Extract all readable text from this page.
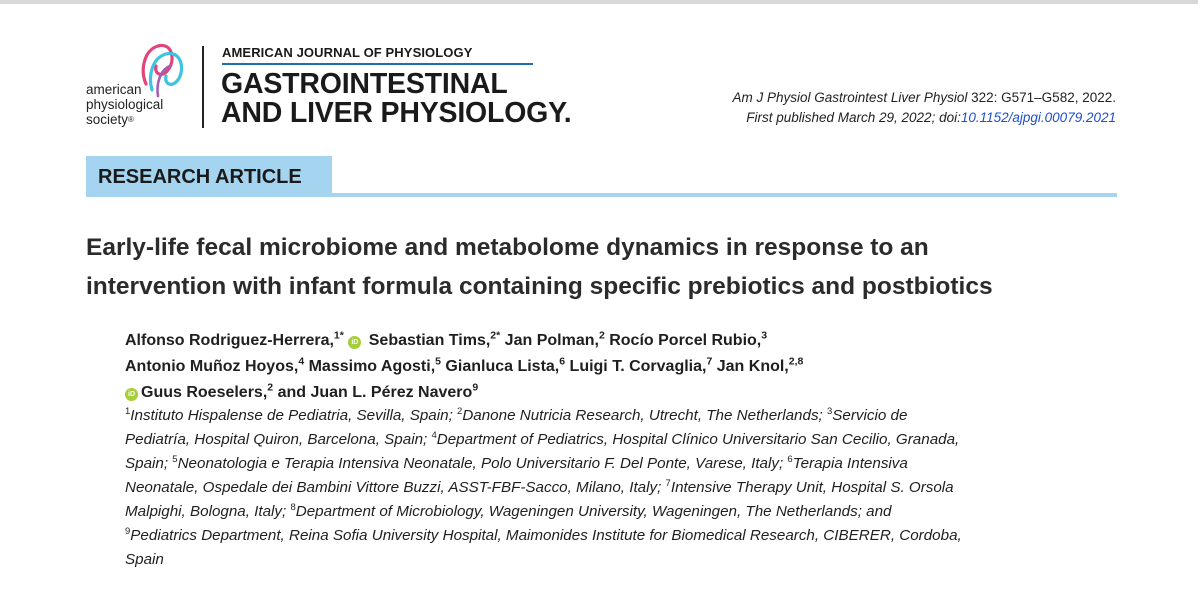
american
physiological
society®
AMERICAN JOURNAL OF PHYSIOLOGY
GASTROINTESTINAL
AND LIVER PHYSIOLOGY.	Am J Physiol Gastrointest Liver Physiol 322: G571–G582, 2022.
First published March 29, 2022; doi:10.1152/ajpgi.00079.2021
RESEARCH ARTICLE
Early-life fecal microbiome and metabolome dynamics in response to an
intervention with infant formula containing specific prebiotics and postbiotics
Alfonso Rodriguez-Herrera,$^{1*}$ iD Sebastian Tims,$^{2*}$ Jan Polman,$^2$ Rocío Porcel Rubio,$^3$
Antonio Muñoz Hoyos,$^4$ Massimo Agosti,$^5$ Gianluca Lista,$^6$ Luigi T. Corvaglia,$^7$ Jan Knol,$^{2,8}$
iD Guus Roeselers,$^2$ and Juan L. Pérez Navero$^9$
$^1$Instituto Hispalense de Pediatria, Sevilla, Spain; $^2$Danone Nutricia Research, Utrecht, The Netherlands; $^3$Servicio de
Pediatría, Hospital Quiron, Barcelona, Spain; $^4$Department of Pediatrics, Hospital Clínico Universitario San Cecilio, Granada,
Spain; $^5$Neonatologia e Terapia Intensiva Neonatale, Polo Universitario F. Del Ponte, Varese, Italy; $^6$Terapia Intensiva
Neonatale, Ospedale dei Bambini Vittore Buzzi, ASST-FBF-Sacco, Milano, Italy; $^7$Intensive Therapy Unit, Hospital S. Orsola
Malpighi, Bologna, Italy; $^8$Department of Microbiology, Wageningen University, Wageningen, The Netherlands; and
$^9$Pediatrics Department, Reina Sofia University Hospital, Maimonides Institute for Biomedical Research, CIBERER, Cordoba,
Spain
